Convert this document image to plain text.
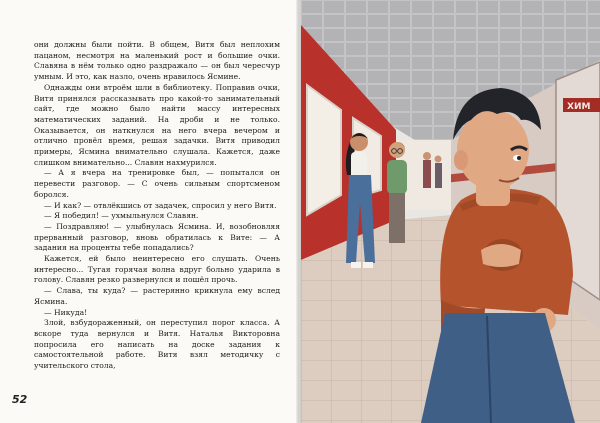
они должны были пойти. В общем, Витя был неплохим пацаном, несмотря на маленький рост и большие очки. Славяна в нём только одно раздражало — он был чересчур умным. И это, как назло, очень нравилось Ясмине.

Однажды они втроём шли в библиотеку. Поправив очки, Витя принялся рассказывать про какой-то занимательный сайт, где можно было найти массу интересных математических заданий. На дроби и не только. Оказывается, он наткнулся на него вчера вечером и отлично провёл время, решая задачки. Витя приводил примеры, Ясмина внимательно слушала. Кажется, даже слишком внимательно... Славян нахмурился.

— А я вчера на тренировке был, — попытался он перевести разговор. — С очень сильным спортсменом боролся.

— И как? — отвлёкшись от задачек, спросил у него Витя.

— Я победил! — ухмыльнулся Славян.

— Поздравляю! — улыбнулась Ясмина. И, возобновляя прерванный разговор, вновь обратилась к Вите: — А задания на проценты тебе попадались?

Кажется, ей было неинтересно его слушать. Очень интересно... Тугая горячая волна вдруг больно ударила в голову. Славян резко развернулся и пошёл прочь.

— Слава, ты куда? — растерянно крикнула ему вслед Ясмина.

— Никуда!

Злой, взбудораженный, он переступил порог класса. А вскоре туда вернулся и Витя. Наталья Викторовна попросила его написать на доске задания к самостоятельной работе. Витя взял методичку с учительского стола,

52
ХИМ
